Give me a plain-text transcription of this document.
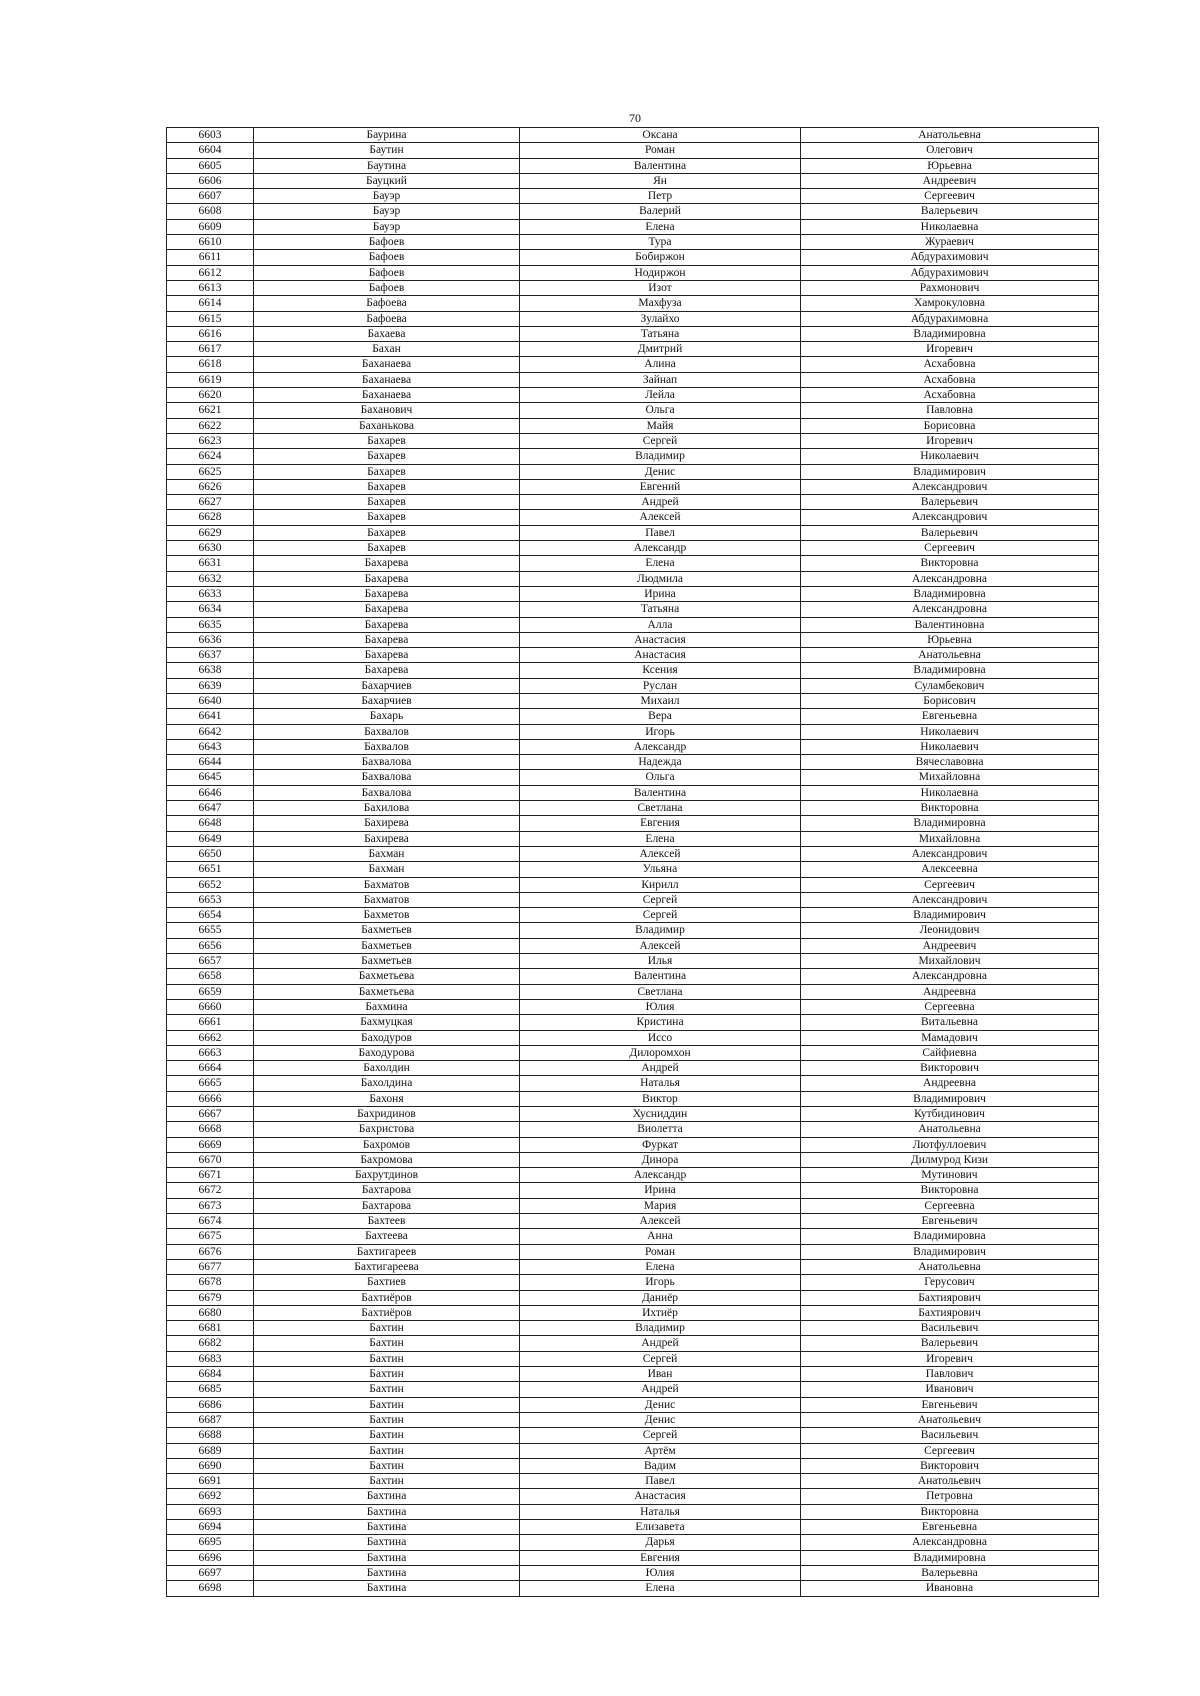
70
6603	Баурина	Оксана	Анатольевна
6604	Баутин	Роман	Олегович
6605	Баутина	Валентина	Юрьевна
6606	Бауцкий	Ян	Андреевич
6607	Бауэр	Петр	Сергеевич
6608	Бауэр	Валерий	Валерьевич
6609	Бауэр	Елена	Николаевна
6610	Бафоев	Тура	Жураевич
6611	Бафоев	Бобиржон	Абдурахимович
6612	Бафоев	Нодиржон	Абдурахимович
6613	Бафоев	Изот	Рахмонович
6614	Бафоева	Махфуза	Хамрокуловна
6615	Бафоева	Зулайхо	Абдурахимовна
6616	Бахаева	Татьяна	Владимировна
6617	Бахан	Дмитрий	Игоревич
6618	Баханаева	Алина	Асхабовна
6619	Баханаева	Зайнап	Асхабовна
6620	Баханаева	Лейла	Асхабовна
6621	Баханович	Ольга	Павловна
6622	Баханькова	Майя	Борисовна
6623	Бахарев	Сергей	Игоревич
6624	Бахарев	Владимир	Николаевич
6625	Бахарев	Денис	Владимирович
6626	Бахарев	Евгений	Александрович
6627	Бахарев	Андрей	Валерьевич
6628	Бахарев	Алексей	Александрович
6629	Бахарев	Павел	Валерьевич
6630	Бахарев	Александр	Сергеевич
6631	Бахарева	Елена	Викторовна
6632	Бахарева	Людмила	Александровна
6633	Бахарева	Ирина	Владимировна
6634	Бахарева	Татьяна	Александровна
6635	Бахарева	Алла	Валентиновна
6636	Бахарева	Анастасия	Юрьевна
6637	Бахарева	Анастасия	Анатольевна
6638	Бахарева	Ксения	Владимировна
6639	Бахарчиев	Руслан	Суламбекович
6640	Бахарчиев	Михаил	Борисович
6641	Бахарь	Вера	Евгеньевна
6642	Бахвалов	Игорь	Николаевич
6643	Бахвалов	Александр	Николаевич
6644	Бахвалова	Надежда	Вячеславовна
6645	Бахвалова	Ольга	Михайловна
6646	Бахвалова	Валентина	Николаевна
6647	Бахилова	Светлана	Викторовна
6648	Бахирева	Евгения	Владимировна
6649	Бахирева	Елена	Михайловна
6650	Бахман	Алексей	Александрович
6651	Бахман	Ульяна	Алексеевна
6652	Бахматов	Кирилл	Сергеевич
6653	Бахматов	Сергей	Александрович
6654	Бахметов	Сергей	Владимирович
6655	Бахметьев	Владимир	Леонидович
6656	Бахметьев	Алексей	Андреевич
6657	Бахметьев	Илья	Михайлович
6658	Бахметьева	Валентина	Александровна
6659	Бахметьева	Светлана	Андреевна
6660	Бахмина	Юлия	Сергеевна
6661	Бахмуцкая	Кристина	Витальевна
6662	Баходуров	Иссо	Мамадович
6663	Баходурова	Дилоромхон	Сайфиевна
6664	Бахолдин	Андрей	Викторович
6665	Бахолдина	Наталья	Андреевна
6666	Бахоня	Виктор	Владимирович
6667	Бахридинов	Хусниддин	Кутбидинович
6668	Бахристова	Виолетта	Анатольевна
6669	Бахромов	Фуркат	Лютфуллоевич
6670	Бахромова	Динора	Дилмурод Кизи
6671	Бахрутдинов	Александр	Мутинович
6672	Бахтарова	Ирина	Викторовна
6673	Бахтарова	Мария	Сергеевна
6674	Бахтеев	Алексей	Евгеньевич
6675	Бахтеева	Анна	Владимировна
6676	Бахтигареев	Роман	Владимирович
6677	Бахтигареева	Елена	Анатольевна
6678	Бахтиев	Игорь	Герусович
6679	Бахтиёров	Даниёр	Бахтиярович
6680	Бахтиёров	Ихтиёр	Бахтиярович
6681	Бахтин	Владимир	Васильевич
6682	Бахтин	Андрей	Валерьевич
6683	Бахтин	Сергей	Игоревич
6684	Бахтин	Иван	Павлович
6685	Бахтин	Андрей	Иванович
6686	Бахтин	Денис	Евгеньевич
6687	Бахтин	Денис	Анатольевич
6688	Бахтин	Сергей	Васильевич
6689	Бахтин	Артём	Сергеевич
6690	Бахтин	Вадим	Викторович
6691	Бахтин	Павел	Анатольевич
6692	Бахтина	Анастасия	Петровна
6693	Бахтина	Наталья	Викторовна
6694	Бахтина	Елизавета	Евгеньевна
6695	Бахтина	Дарья	Александровна
6696	Бахтина	Евгения	Владимировна
6697	Бахтина	Юлия	Валерьевна
6698	Бахтина	Елена	Ивановна
